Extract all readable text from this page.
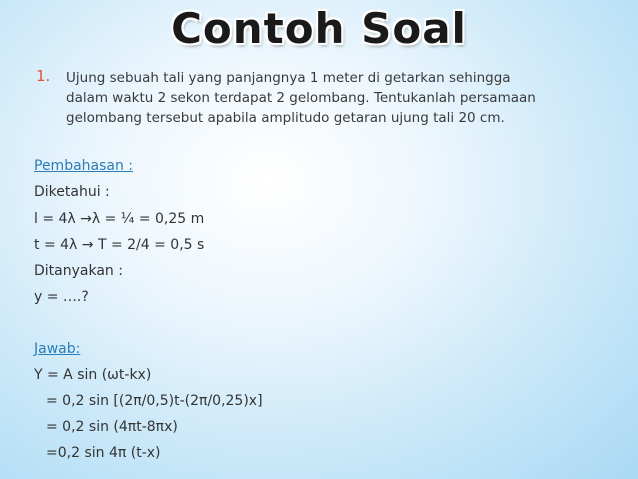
Contoh Soal
1. Ujung sebuah tali yang panjangnya 1 meter di getarkan sehingga
dalam waktu 2 sekon terdapat 2 gelombang. Tentukanlah persamaan
gelombang tersebut apabila amplitudo getaran ujung tali 20 cm.
Pembahasan :
Diketahui :
l = 4λ →λ = ¼ = 0,25 m
t = 4λ → T = 2/4 = 0,5 s
Ditanyakan :
y = ….?
Jawab:
Y = A sin (ωt-kx)
= 0,2 sin [(2π/0,5)t-(2π/0,25)x]
= 0,2 sin (4πt-8πx)
=0,2 sin 4π (t-x)
